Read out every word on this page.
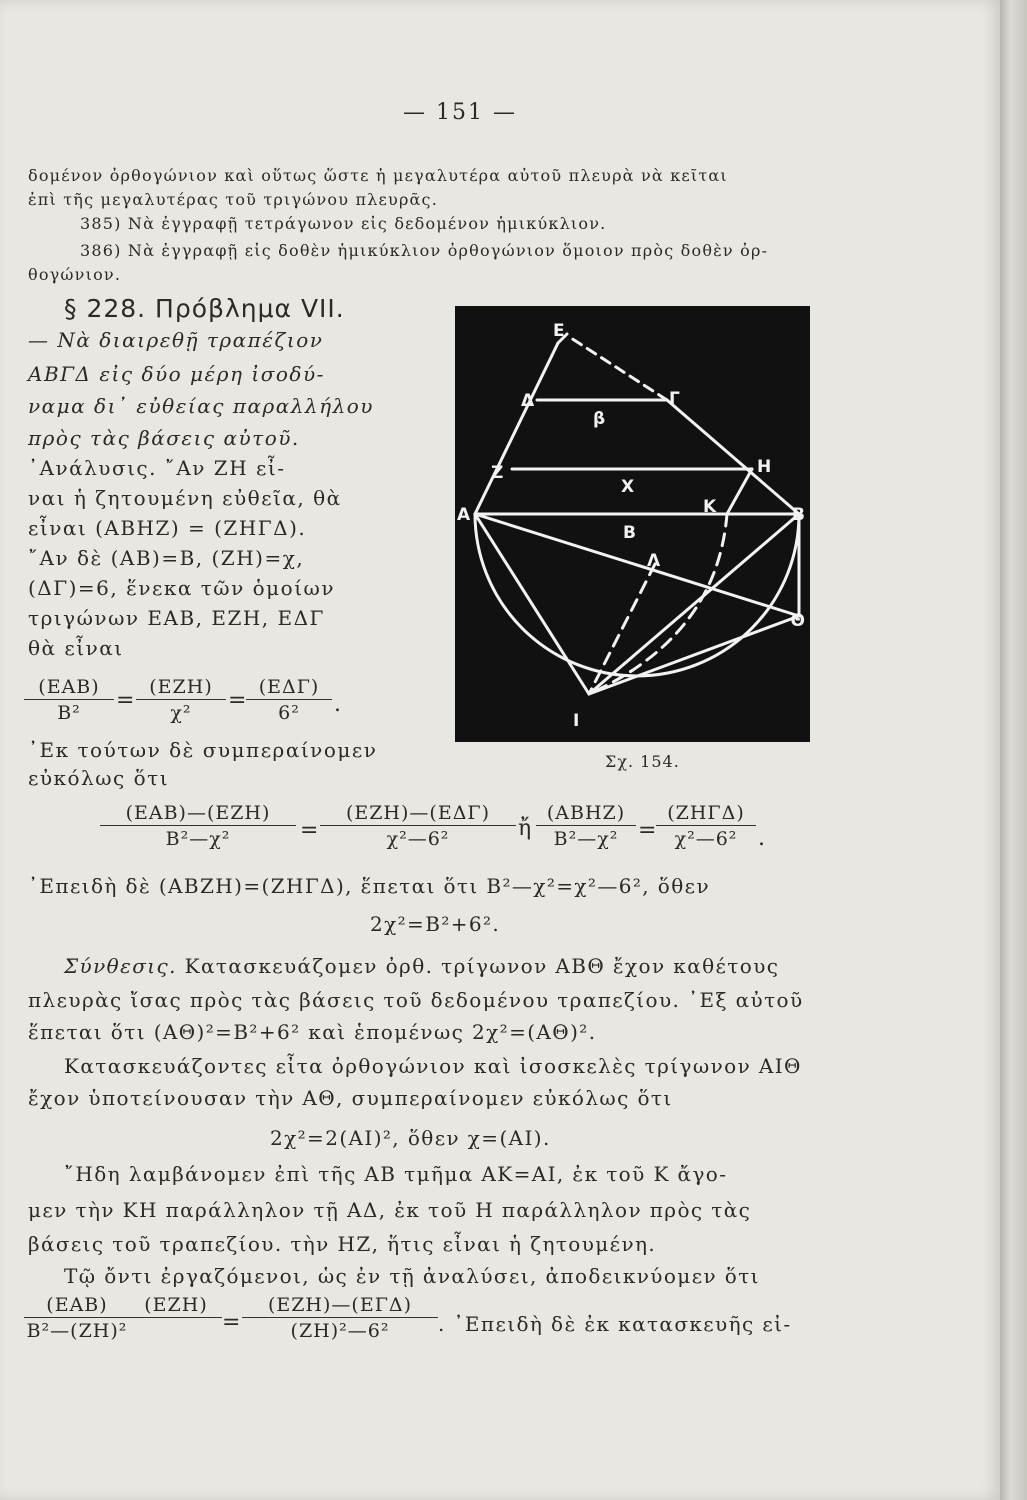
— 151 —
δομένον ὀρθογώνιον καὶ οὕτως ὥστε ἡ μεγαλυτέρα αὐτοῦ πλευρὰ νὰ κεῖται
ἐπὶ τῆς μεγαλυτέρας τοῦ τριγώνου πλευρᾶς.
385) Νὰ ἐγγραφῇ τετράγωνον εἰς δεδομένον ἡμικύκλιον.
386) Νὰ ἐγγραφῇ εἰς δοθὲν ἡμικύκλιον ὀρθογώνιον ὅμοιον πρὸς δοθὲν ὀρ-
θογώνιον.
§ 228. Πρόβλημα VII.
— Νὰ διαιρεθῇ τραπέζιον
ΑΒΓΔ εἰς δύο μέρη ἰσοδύ-
ναμα δι᾽ εὐθείας παραλλήλου
πρὸς τὰς βάσεις αὐτοῦ.
᾽Ανάλυσις. ῎Αν ΖΗ εἶ-
ναι ἡ ζητουμένη εὐθεῖα, θὰ
εἶναι (ΑΒΗΖ) = (ΖΗΓΔ).
῎Αν δὲ (ΑΒ)=Β, (ΖΗ)=χ,
(ΔΓ)=6, ἕνεκα τῶν ὁμοίων
τριγώνων ΕΑΒ, ΕΖΗ, ΕΔΓ
θὰ εἶναι
(ΕΑΒ)
Β²	=
(ΕΖΗ)
χ²	=
(ΕΔΓ)
6²	.
᾽Εκ τούτων δὲ συμπεραίνομεν
εὐκόλως ὅτι
(ΕΑΒ)—(ΕΖΗ)
Β²—χ²	=
(ΕΖΗ)—(ΕΔΓ)
χ²—6²	ἤ
(ΑΒΗΖ)
Β²—χ² =
(ΖΗΓΔ)
χ²—6² .
᾽Επειδὴ δὲ (ΑΒΖΗ)=(ΖΗΓΔ), ἕπεται ὅτι Β²—χ²=χ²—6², ὅθεν
2χ²=Β²+6².
Σύνθεσις. Κατασκευάζομεν ὀρθ. τρίγωνον ΑΒΘ ἔχον καθέτους
πλευρὰς ἴσας πρὸς τὰς βάσεις τοῦ δεδομένου τραπεζίου. ᾽Εξ αὐτοῦ
ἕπεται ὅτι (ΑΘ)²=Β²+6² καὶ ἑπομένως 2χ²=(ΑΘ)².
Κατασκευάζοντες εἶτα ὀρθογώνιον καὶ ἰσοσκελὲς τρίγωνον ΑΙΘ
ἔχον ὑποτείνουσαν τὴν ΑΘ, συμπεραίνομεν εὐκόλως ὅτι
2χ²=2(ΑΙ)², ὅθεν χ=(ΑΙ).
῎Ηδη λαμβάνομεν ἐπὶ τῆς ΑΒ τμῆμα ΑΚ=ΑΙ, ἐκ τοῦ Κ ἄγο-
μεν τὴν ΚΗ παράλληλον τῇ ΑΔ, ἐκ τοῦ Η παράλληλον πρὸς τὰς
βάσεις τοῦ τραπεζίου. τὴν ΗΖ, ἥτις εἶναι ἡ ζητουμένη.
Τῷ ὄντι ἐργαζόμενοι, ὡς ἐν τῇ ἀναλύσει, ἀποδεικνύομεν ὅτι
(ΕΑΒ)
Β²—(ΖΗ)²
(ΕΖΗ)
=
(ΕΖΗ)—(ΕΓΔ)
(ΖΗ)²—6²	. ᾽Επειδὴ δὲ ἐκ κατασκευῆς εἰ-
Ε
Δ	Γ
β
Ζ
Χ
Η
Α	Κ
Β
Β
Λ
Θ
Ι
Σχ. 154.
